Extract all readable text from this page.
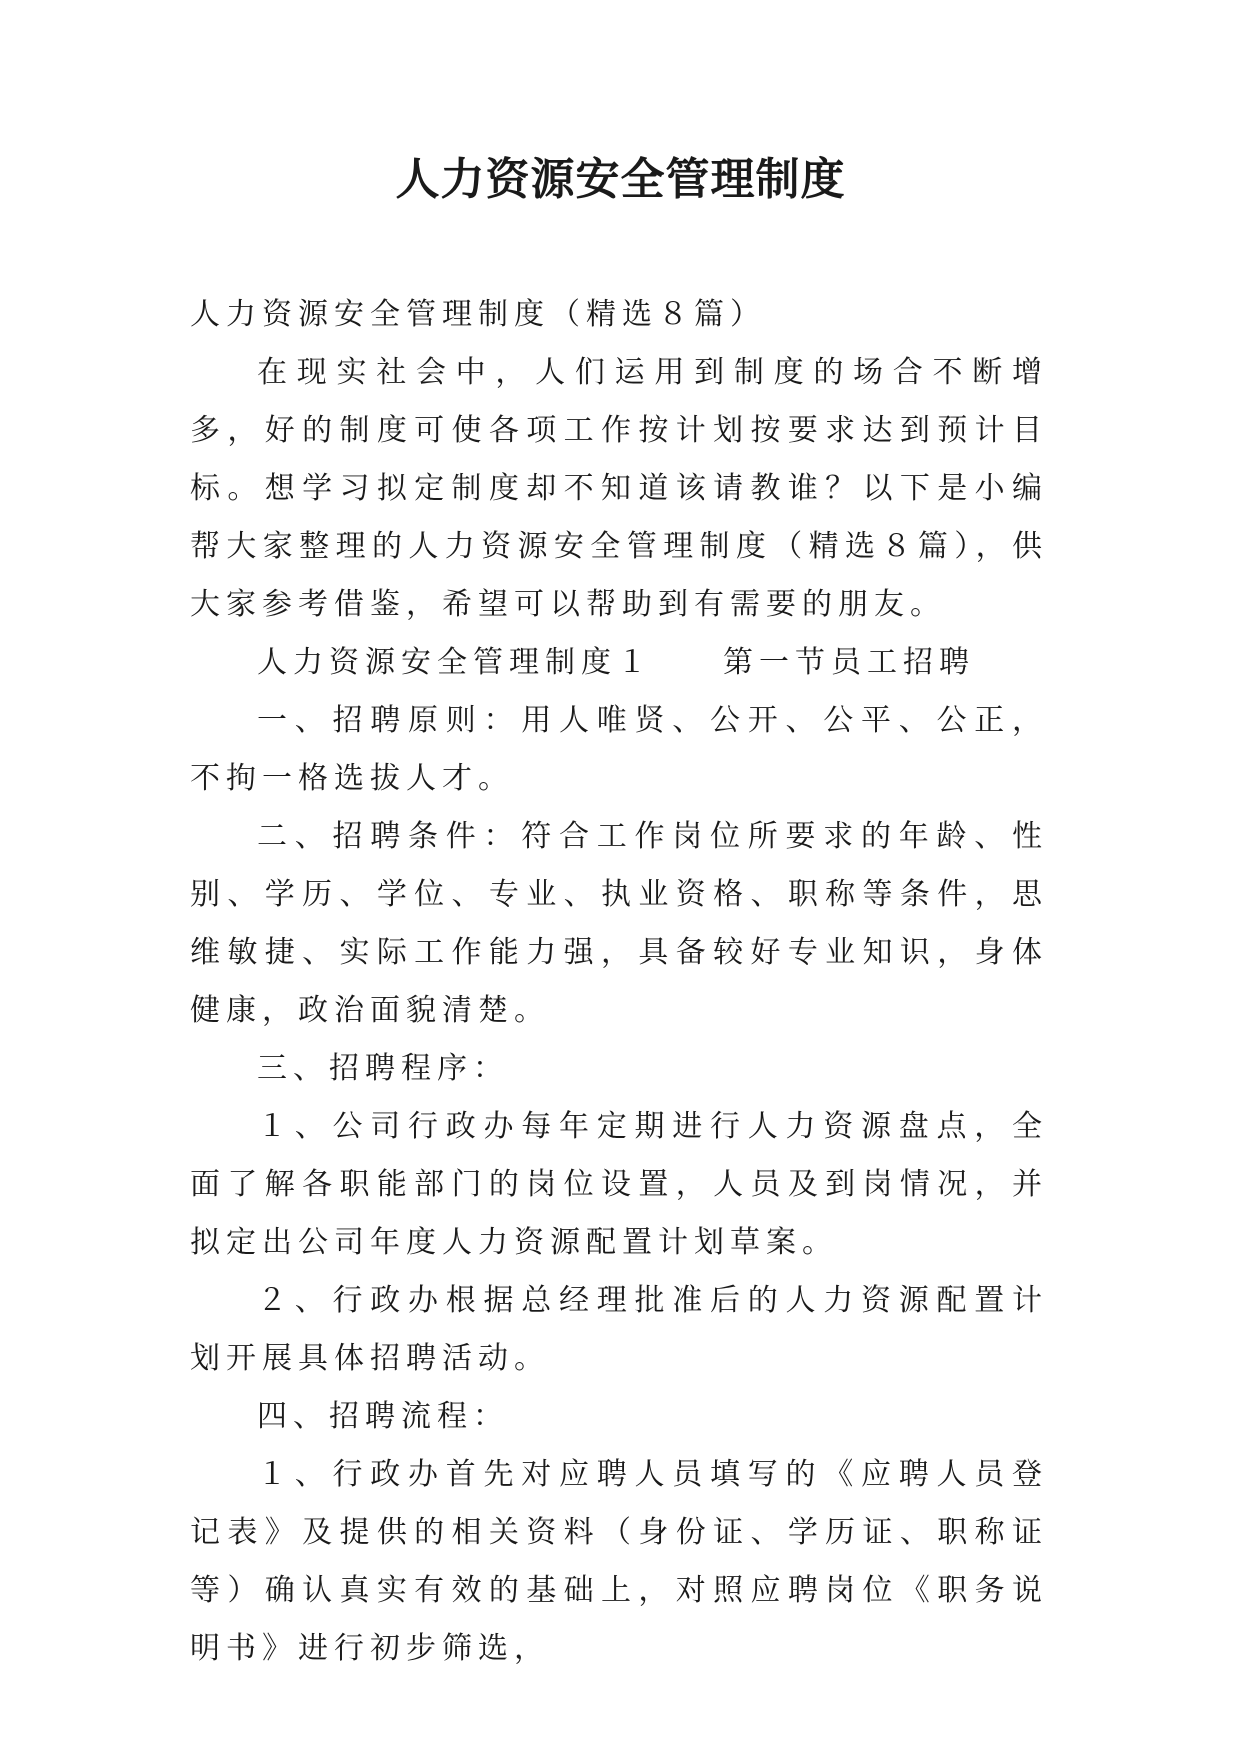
人力资源安全管理制度

人力资源安全管理制度（精选８篇）

在现实社会中，人们运用到制度的场合不断增多，好的制度可使各项工作按计划按要求达到预计目标。想学习拟定制度却不知道该请教谁？以下是小编帮大家整理的人力资源安全管理制度（精选８篇），供大家参考借鉴，希望可以帮助到有需要的朋友。

人力资源安全管理制度１ 第一节员工招聘

一、招聘原则：用人唯贤、公开、公平、公正，不拘一格选拔人才。

二、招聘条件：符合工作岗位所要求的年龄、性别、学历、学位、专业、执业资格、职称等条件，思维敏捷、实际工作能力强，具备较好专业知识，身体健康，政治面貌清楚。

三、招聘程序：

１、公司行政办每年定期进行人力资源盘点，全面了解各职能部门的岗位设置，人员及到岗情况，并拟定出公司年度人力资源配置计划草案。

２、行政办根据总经理批准后的人力资源配置计划开展具体招聘活动。

四、招聘流程：

１、行政办首先对应聘人员填写的《应聘人员登记表》及提供的相关资料（身份证、学历证、职称证等）确认真实有效的基础上，对照应聘岗位《职务说明书》进行初步筛选，
